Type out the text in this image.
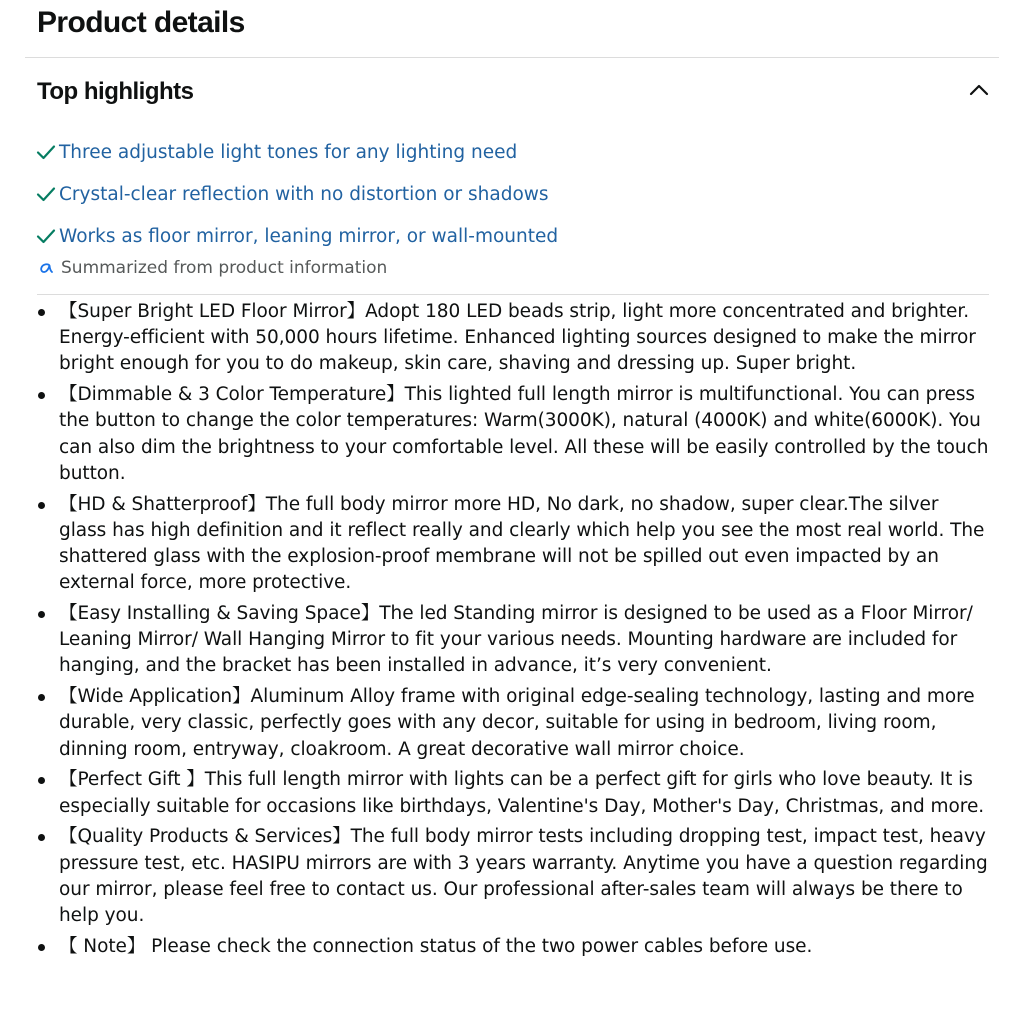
Product details
Top highlights
Three adjustable light tones for any lighting need
Crystal-clear reflection with no distortion or shadows
Works as floor mirror, leaning mirror, or wall-mounted
Summarized from product information
【Super Bright LED Floor Mirror】Adopt 180 LED beads strip, light more concentrated and brighter. Energy-efficient with 50,000 hours lifetime. Enhanced lighting sources designed to make the mirror bright enough for you to do makeup, skin care, shaving and dressing up. Super bright.
【Dimmable & 3 Color Temperature】This lighted full length mirror is multifunctional. You can press the button to change the color temperatures: Warm(3000K), natural (4000K) and white(6000K). You can also dim the brightness to your comfortable level. All these will be easily controlled by the touch button.
【HD & Shatterproof】The full body mirror more HD, No dark, no shadow, super clear.The silver glass has high definition and it reflect really and clearly which help you see the most real world. The shattered glass with the explosion-proof membrane will not be spilled out even impacted by an external force, more protective.
【Easy Installing & Saving Space】The led Standing mirror is designed to be used as a Floor Mirror/ Leaning Mirror/ Wall Hanging Mirror to fit your various needs. Mounting hardware are included for hanging, and the bracket has been installed in advance, it’s very convenient.
【Wide Application】Aluminum Alloy frame with original edge-sealing technology, lasting and more durable, very classic, perfectly goes with any decor, suitable for using in bedroom, living room, dinning room, entryway, cloakroom. A great decorative wall mirror choice.
【Perfect Gift 】This full length mirror with lights can be a perfect gift for girls who love beauty. It is especially suitable for occasions like birthdays, Valentine's Day, Mother's Day, Christmas, and more.
【Quality Products & Services】The full body mirror tests including dropping test, impact test, heavy pressure test, etc. HASIPU mirrors are with 3 years warranty. Anytime you have a question regarding our mirror, please feel free to contact us. Our professional after-sales team will always be there to help you.
【 Note】 Please check the connection status of the two power cables before use.
